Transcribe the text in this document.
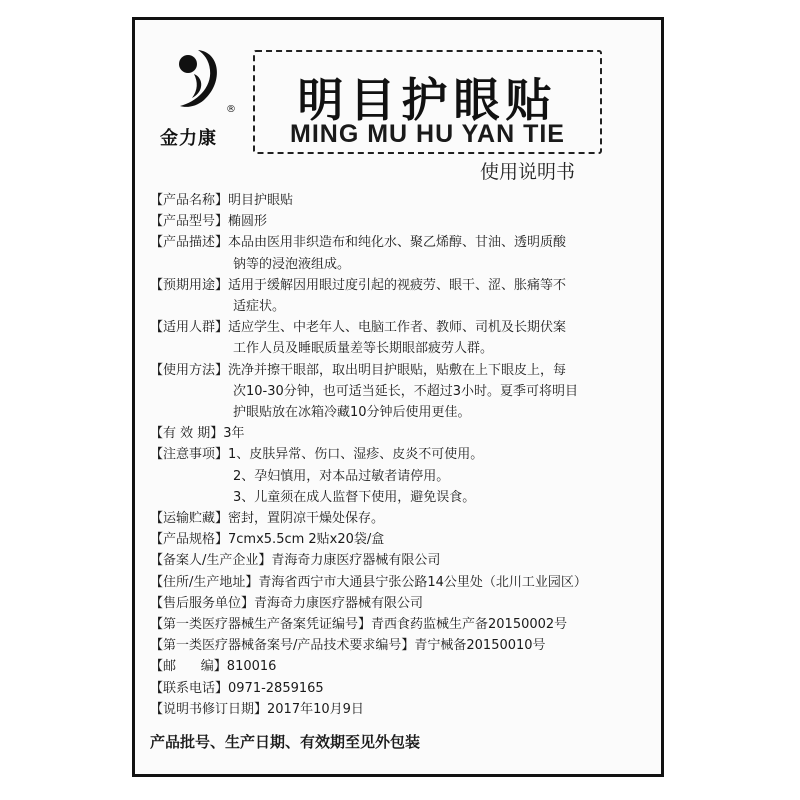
®
金力康
明目护眼贴
MING MU HU YAN TIE
使用说明书
【产品名称】 明目护眼贴
【产品型号】 椭圆形
【产品描述】 本品由医用非织造布和纯化水、聚乙烯醇、甘油、透明质酸
钠等的浸泡液组成。
【预期用途】 适用于缓解因用眼过度引起的视疲劳、眼干、涩、胀痛等不
适症状。
【适用人群】 适应学生、中老年人、电脑工作者、教师、司机及长期伏案
工作人员及睡眠质量差等长期眼部疲劳人群。
【使用方法】 洗净并擦干眼部，取出明目护眼贴，贴敷在上下眼皮上，每
次10-30分钟，也可适当延长，不超过3小时。夏季可将明目
护眼贴放在冰箱冷藏10分钟后使用更佳。
【有 效 期】 3年
【注意事项】 1、皮肤异常、伤口、湿疹、皮炎不可使用。
2、孕妇慎用，对本品过敏者请停用。
3、儿童须在成人监督下使用，避免误食。
【运输贮藏】 密封，置阴凉干燥处保存。
【产品规格】 7cmx5.5cm 2贴x20袋/盒
【备案人/生产企业】 青海奇力康医疗器械有限公司
【住所/生产地址】 青海省西宁市大通县宁张公路14公里处（北川工业园区）
【售后服务单位】 青海奇力康医疗器械有限公司
【第一类医疗器械生产备案凭证编号】 青西食药监械生产备20150002号
【第一类医疗器械备案号/产品技术要求编号】 青宁械备20150010号
【邮      编】 810016
【联系电话】 0971-2859165
【说明书修订日期】 2017年10月9日
产品批号、生产日期、有效期至见外包装
